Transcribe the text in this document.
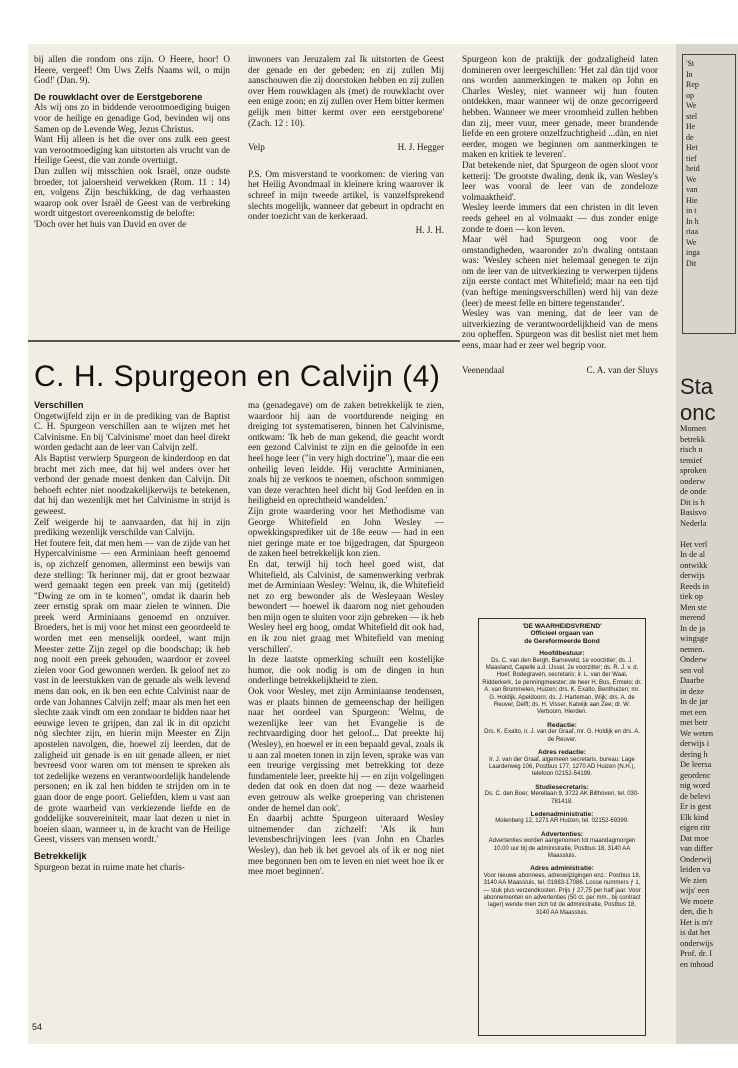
bij allen die rondom ons zijn. O Heere, hoor! O Heere, vergeef! Om Uws Zelfs Naams wil, o mijn God!' (Dan. 9).

De rouwklacht over de Eerstgeborene

Als wij ons zo in biddende verootmoediging buigen voor de heilige en genadige God, bevinden wij ons Samen op de Levende Weg, Jezus Christus.

Want Hij alleen is het die over ons zulk een geest van verootmoediging kan uitstorten als vrucht van de Heilige Geest, die van zonde overtuigt.

Dan zullen wij misschien ook Israël, onze oudste broeder, tot jaloersheid verwekken (Rom. 11 : 14) en, volgens Zijn beschikking, de dag verhaasten waarop ook over Israël de Geest van de verbreking wordt uitgestort overeenkomstig de belofte:

'Doch over het huis van David en over de

inwoners van Jeruzalem zal Ik uitstorten de Geest der genade en der gebeden; en zij zullen Mij aanschouwen die zij doorstoken hebben en zij zullen over Hem rouwklagen als (met) de rouwklacht over een enige zoon; en zij zullen over Hem bitter kermen gelijk men bitter kermt over een eerstgeborene' (Zach. 12 : 10).

Velp	H. J. Hegger

P.S. Om misverstand te voorkomen: de viering van het Heilig Avondmaal in kleinere kring waarover ik schreef in mijn tweede artikel, is vanzelfsprekend slechts mogelijk, wanneer dat gebeurt in opdracht en onder toezicht van de kerkeraad.

H. J. H.
C. H. Spurgeon en Calvijn (4)
Verschillen

Ongetwijfeld zijn er in de prediking van de Baptist C. H. Spurgeon verschillen aan te wijzen met het Calvinisme. En bij 'Calvinisme' moet dan heel direkt worden gedacht aan de leer van Calvijn zelf.

Als Baptist verwierp Spurgeon de kinderdoop en dat bracht met zich mee, dat hij wel anders over het verbond der genade moest denken dan Calvijn. Dit behoeft echter niet noodzakelijkerwijs te betekenen, dat hij dan wezenlijk met het Calvinisme in strijd is geweest.

Zelf weigerde hij te aanvaarden, dat hij in zijn prediking wezenlijk verschilde van Calvijn.

Het foutere feit, dat men hem — van de zijde van het Hypercalvinisme — een Arminiaan heeft genoemd is, op zichzelf genomen, allerminst een bewijs van deze stelling: 'Ik herinner mij, dat er groot bezwaar werd gemaakt tegen een preek van mij (getiteld) "Dwing ze om in te komen", omdat ik daarin heb zeer ernstig sprak om maar zielen te winnen. Die preek werd Arminiaans genoemd en onzuiver. Broeders, het is mij voor het minst een geoordeeld te worden met een menselijk oordeel, want mijn Meester zette Zijn zegel op die boodschap; ik heb nog nooit een preek gehouden, waardoor er zoveel zielen voor God gewonnen werden. Ik geloof net zo vast in de leerstukken van de genade als welk levend mens dan ook, en ik ben een echte Calvinist naar de orde van Johannes Calvijn zelf; maar als men het een slechte zaak vindt om een zondaar te bidden naar het eeuwige leven te grijpen, dan zal ik in dit opzicht nòg slechter zijn, en hierin mijn Meester en Zijn apostelen navolgen, die, hoewel zij leerden, dat de zaligheid uit genade is en uit genade alleen, er niet bevreesd voor waren om tot mensen te spreken als tot zedelijke wezens en verantwoordelijk handelende personen; en ik zal hen bidden te strijden om in te gaan door de enge poort. Geliefden, klem u vast aan de grote waarheid van verkiezende liefde en de goddelijke souvereiniteit, maar laat dezen u niet in boeien slaan, wanneer u, in de kracht van de Heilige Geest, vissers van mensen wordt.'

Betrekkelijk

Spurgeon bezat in ruime mate het charis-

ma (genadegave) om de zaken betrekkelijk te zien, waardoor hij aan de voortdurende neiging en dreiging tot systematiseren, binnen het Calvinisme, ontkwam: 'Ik heb de man gekend, die geacht wordt een gezond Calvinist te zijn en die geloofde in een heel hoge leer ("in very high doctrine"), maar die een onheilig leven leidde. Hij verachtte Arminianen, zoals hij ze verkoos te noemen, ofschoon sommigen van deze verachten heel dicht bij God leefden en in heiligheid en oprechtheid wandelden.'

Zijn grote waardering voor het Methodisme van George Whitefield en John Wesley — opwekkingsprediker uit de 18e eeuw — had in een niet geringe mate er toe bijgedragen, dat Spurgeon de zaken heel betrekkelijk kon zien.

En dat, terwijl hij toch heel goed wist, dat Whitefield, als Calvinist, de samenwerking verbrak met de Arminiaan Wesley: 'Welnu, ik, die Whitefield net zo erg bewonder als de Wesleyaan Wesley bewondert — hoewel ik daarom nog niet gehouden ben mijn ogen te sluiten voor zijn gebreken — ik heb Wesley heel erg hoog, omdat Whitefield dit ook had, en ik zou niet graag met Whitefield van mening verschillen'.

In deze laatste opmerking schuilt een kostelijke humor, die ook nodig is om de dingen in hun onderlinge betrekkelijkheid te zien.

Ook voor Wesley, met zijn Arminiaanse tendensen, was er plaats binnen de gemeenschap der heiligen naar het oordeel van Spurgeon: 'Welnu, de wezenlijke leer van het Evangelie is de rechtvaardiging door het geloof... Dat preekte hij (Wesley), en hoewel er in een bepaald geval, zoals ik u aan zal moeten tonen in zijn leven, sprake was van een treurige vergissing met betrekking tot deze fundamentele leer, preekte hij — en zijn volgelingen deden dat ook en doen dat nog — deze waarheid even getrouw als welke groepering van christenen onder de hemel dan ook'.

En daarbij achtte Spurgeon uiteraard Wesley uitnemender dan zichzelf: 'Als ik hun levensbeschrijvingen lees (van John en Charles Wesley), dan heb ik het gevoel als of ik er nog niet mee begonnen ben om te leven en niet weet hoe ik er mee moet beginnen'.

Spurgeon kon de praktijk der godzaligheid laten domineren over leergeschillen: 'Het zal dàn tijd voor ons worden aanmerkingen te maken op John en Charles Wesley, niet wanneer wij hun fouten ontdekken, maar wanneer wij de onze gecorrigeerd hebben. Wanneer we meer vroomheid zullen hebben dan zij, meer vuur, meer genade, meer brandende liefde en een grotere onzelfzuchtigheid ...dàn, en niet eerder, mogen we beginnen om aanmerkingen te maken en kritiek te leveren'.

Dat betekende niet, dat Spurgeon de ogen sloot voor ketterij: 'De grootste dwaling, denk ik, van Wesley's leer was vooral de leer van de zondeloze volmaaktheid'.

Wesley leerde immers dat een christen in dit leven reeds geheel en al volmaakt — dus zonder enige zonde te doen — kon leven.

Maar wèl had Spurgeon oog voor de omstandigheden, waaronder zo'n dwaling ontstaan was: 'Wesley scheen niet helemaal genegen te zijn om de leer van de uitverkiezing te verwerpen tijdens zijn eerste contact met Whitefield; maar na een tijd (van heftige meningsverschillen) werd hij van deze (leer) de meest felle en bittere tegenstander'.

Wesley was van mening, dat de leer van de uitverkiezing de verantwoordelijkheid van de mens zou opheffen. Spurgeon was dit beslist niet met hem eens, maar had er zeer wel begrip voor.

Veenendaal	C. A. van der Sluys
'DE WAARHEIDSVRIEND'
Officieel orgaan van
de Gereformeerde Bond
Hoofdbestuur:
Ds. C. van den Bergh, Barneveld, 1e voorzitter; ds. J. Maasland, Capelle a.d. IJssel, 2e voorzitter; ds. R. J. v. d. Hoef, Bodegraven, secretaris; ir. L. van der Waal, Ridderkerk, 1e penningmeester; de heer H. Bos, Ermelo; dr. A. van Brummelen, Huizen; drs. K. Exalto, Benthuizen; mr. G. Holdijk, Apeldoorn; ds. J. Harteman, Wijk; drs. A. de Reuver, Delft; ds. H. Visser, Katwijk aan Zee; dr. W. Verboom, Hierden.
Redactie:
Drs. K. Exalto, ir. J. van der Graaf, mr. G. Holdijk en drs. A. de Reuver.
Adres redactie:
Ir. J. van der Graaf, algemeen secretaris, bureau: Lage Laarderweg 106, Postbus 177, 1270 AD Huizen (N.H.), telefoon 02152-54199.
Studiesecretaris:
Ds. C. den Boer, Merellaan 9, 3722 AK Bilthoven, tel. 030-781418.
Ledenadministratie:
Molenberg 12, 1271 AR Huizen, tel. 02152-69399.
Advertenties:
Advertenties worden aangenomen tot maandagmorgen 10.00 uur bij de administratie, Postbus 18, 3140 AA Maassluis.
Adres administratie:
Voor nieuwe abonnees, adreswijzigingen enz.: Postbus 18, 3140 AA Maassluis, tel. 01883-17086. Losse nummers ƒ 1,— stuk plus verzendkosten. Prijs ƒ 27,75 per half jaar. Voor abonnementen en advertenties (50 ct. per mm., bij contract lager) wende men zich tot de administratie, Postbus 18, 3140 AA Maassluis.
54
'St
In
Rep
op
We
stel
He
de
Het
tief
heid
We
van
Hie
in t
In h
riaa
We
inga
Dit
Sta
onc
Momen
betrekk
risch n
tensief
sproken
onderw
de onde
Dit is h
Basisvo
Nederla

Het verl
In de al
ontwikk
derwijs
Reeds in
tiek op
Men ste
merend
In de ja
wingsge
nemen.
Onderw
sen vol
Daarbe
in deze
In de jar
met een
met betr
We weten
derwijs i
dering h
De leersa
geordenc
nig word
de belevi
Er is gest
Elk kind
eigen ritr
Dat moe
van differ
Onderwij
leiden va
We zien
wijs' een
We moete
den, die h
Het is m'r
is dat het
onderwijs
Prof. dr. I
en inhoud
